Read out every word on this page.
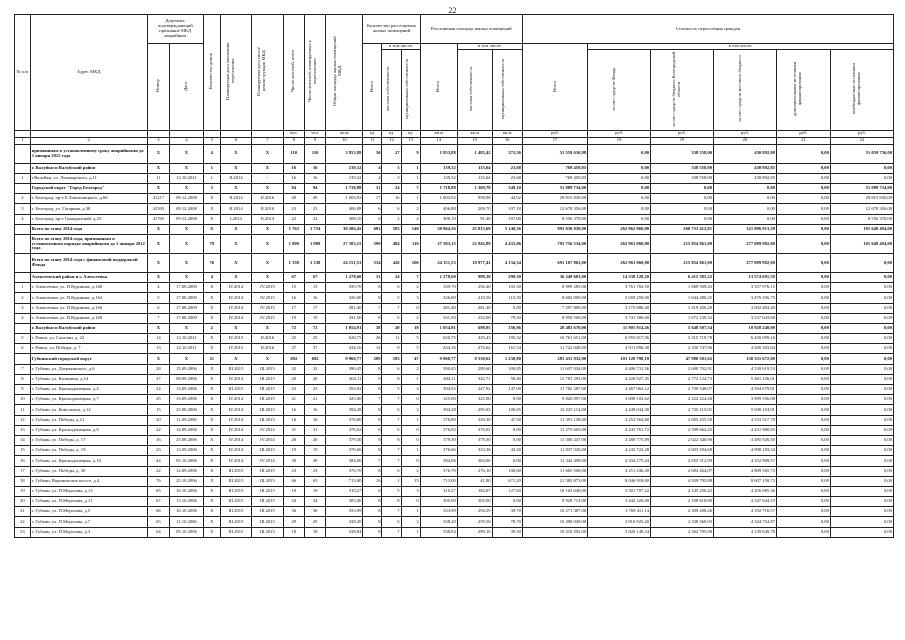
22
№ п/п	Адрес МКД	Документ, подтверждающий признание МКД аварийным		Количество домов	Планируемая дата окончания переселения	Планируемая дата сноса/реконструкции МКД	Число жителей, всего	Число жителей, планируемых к переселению	Общая площадь жилых помещений МКД	Количество расселяемых жилых помещений			Расселяемая площадь жилых помещений			Стоимость переселения граждан					
		Номер	Дата							Всего	в том числе:		Всего	в том числе:		Всего	в том числе:				
											частная собственность	муниципальная собственность		частная собственность	муниципальная собственность		за счет средств Фонда	за счет средств бюджета Белгородской области	за счет средств местного бюджета	дополнительные источники финансирования	внебюджетные источники финансирования
							чел.	чел.	кв.м	ед.	ед.	ед.	кв.м	кв.м	кв.м	руб.	руб.	руб.	руб.	руб.	руб.
1	2	3	4	5	6	7	8	9	10	11	12	13	14	15	16	17	18	19	20	21	22
	признанным к установленному сроку аварийными до 1 января 2012 года	X	X	4	X	X	110	110	3 853,88	36	27	9	1 853,88	1 485,42	372,56	51 559 636,98	0,00	338 558,00	430 892,98	0,00	51 059 736,00
	г. Валуйки и Валуйский район	X	X	1	X	X	16	16	139,32	4	3	1	139,32	115,64	23,68	769 450,85	0,00	338 558,00	430 892,85	0,00	0,00
1	г.Валуйки, ул. Луначарского, д.11	11	12.10.2011	1	II.2014	-	16	16	139,32	4	3	1	139,32	115,64	23,68	769 450,85	0,00	338 558,00	430 892,85	0,00	0,00
	Городской округ "Город Белгород"	X	X	3	X	X	94	94	1 718,88	31	24	7	1 718,88	1 369,78	349,10	51 089 734,00	0,00	0,00	0,00	0,00	51 089 734,00
2	г. Белгород, пр-т Б.Хмельницкого, д.66	41217	09.12.2008	X	II.2014	II.2016	49	49	1 003,92	17	16	1	1 003,92	958,98	44,92	29 815 830,00	0,00	0,00	0,00	0,00	29 815 830,00
3	г. Белгород, ул. Гагарина, д.38	41593	09.12.2008	X	II.2014	II.2016	23	23	406,88	6	6	2	406,88	209,70	197,18	12 678 356,00	0,00	0,00	0,00	0,00	12 678 356,00
4	г. Белгород, пр-т Гражданский, д.25	41765	09.12.2008	X	I.2014	II.2014	22	22	308,10	6	2	4	308,10	91,40	107,00	8 556 370,00	0,00	0,00	0,00	0,00	8 556 370,00
	Всего по этапу 2014 года	X	X	X	X	X	1 763	1 754	30 206,45	683	583	140	30 964,36	25 813,69	5 140,36	893 030 038,00	262 962 060,00	260 753 412,81	321 896 913,39	0,00	101 648 494,00
	Всего по этапу 2014 года, признанным в установленном порядке аварийными до 1 января 2012 года	X	X	79	X	X	1 809	1 809	27 303,15	599	484	110	27 303,15	22 942,89	4 433,06	793 756 534,00	262 963 060,00	215 854 861,00	277 089 982,00	0,00	101 648 494,00
	Всего по этапу 2014 года с финансовой поддержкой Фонда	X	X	76	X	X	1 338	1 338	24 151,53	534	426	106	24 151,53	19 977,41	4 134,34	691 107 863,00	262 963 060,00	215 854 861,00	277 089 982,00	0,00	0,00
	Алексеевский район и г. Алексеевка	X	X	4	X	X	67	67	1 278,60	31	24	7	1 278,60	988,30	290,30	36 249 603,00	14 538 128,20	6 415 385,22	13 574 691,58	0,00	0,00
1	г. Алексеевка, ул. П.Кудинова, д.160	4	17.08.2009	X	IV.2014	IV.2015	15	15	339,70	8	6	2	339,70	256,40	103,30	8 999 285,00	3 761 702,50	1 689 509,45	3 557 976,15	0,00	0,00
2	г. Алексеевка, ул. П.Кудинова, д.164	5	17.08.2009	X	IV.2014	IV.2015	16	16	326,00	8	5	3	326,00	210,50	115,50	8 602 000,00	3 659 250,00	1 644 480,25	3 476 356,75	0,00	0,00
3	г. Алексеевка, ул. П.Кудинова, д.166	6	17.08.2009	X	IV.2014	IV.2015	17	17	281,40	7	7	0	281,40	281,40	0,00	7 597 800,00	3 175 880,40	1 419 456,20	3 002 463,40	0,00	0,00
4	г. Алексеевка, ул. П.Кудинова, д.168	7	17.08.2009	X	IV.2014	IV.2015	19	19	331,50	8	6	2	331,50	252,00	79,50	8 950 500,00	3 741 306,00	1 672 139,32	3 537 043,68	0,00	0,00
	г. Валуйки и Валуйский район	X	X	2	X	X	72	72	1 054,91	38	20	18	1 054,91	698,05	356,86	28 483 670,00	11 905 914,26	5 648 507,54	10 928 248,00	0,00	0,00
5	г. Ровно, ул. Сахалин, д. 22	14	12.10.2011	X	IV.2015	II.2016	25	25	620,75	26	11	5	620,75	425,43	195,32	16 761 651,00	6 955 817,96	3 315 719,78	6 430 099,16	0,00	0,00
6	г. Ровно, ул. Победы, д. 7	13	12.10.2011	X	IV.2015	II.2016	37	37	434,16	14	9	5	434,16	272,62	161,54	11 722 048,00	4 911 896,30	2 330 747,96	4 500 303,84	0,00	0,00
	Губкинский городской округ	X	X	21	X	X	692	692	9 960,77	289	183	47	9 960,77	8 530,62	1 230,80	281 431 932,00	101 120 798,18	47 986 501,62	130 331 672,00	0,00	0,00
7	г. Губкин, ул. Дзержинского, д.6	28	15.09.2006	X	III.2015	III.2015	32	32	390,45	8	6	2	390,45	289,60	100,85	11 637 034,00	4 406 731,56	2 690 702,91	4 539 619,53	0,00	0,00
8	г. Губкин, ул. Калинина, д.14	27	08.09.2006	X	IV.2014	III.2015	20	20	404,11	9	8	1	404,11	342,71	58,40	12 781 293,00	4 226 927,45	2 772 124,73	5 481 126,01	0,00	0,00
9	г. Губкин, ул. Краснодонецкая, д.4	24	13.09.2006	X	III.2015	III.2015	23	23	394,92	8	5	3	394,92	247,92	147,00	11 782 287,00	4 467 063,12	2 730 540,07	4 594 679,81	0,00	0,00
10	г. Губкин, ул. Краснодонецкая, д.7	25	13.09.2006	X	IV.2014	III.2015	21	21	325,00	7	7	0	325,00	325,00	0,00	9 820 097,00	3 698 102,62	2 222 224,26	3 899 556,08	0,00	0,00
11	г. Губкин, ул. Комсомола, д.12	15	25.08.2006	X	IV.2014	III.2015	16	16	394,28	8	6	2	394,28	295,63	100,65	12 225 114,00	4 449 044,30	2 736 115,01	5 040 154,91	0,00	0,00
12	г. Губкин, ул. Победы, д.21	20	11.09.2006	X	IV.2014	III.2015	16	16	376,80	8	7	1	376,80	329,30	47,50	11 391 138,00	4 252 564,80	2 605 255,50	4 533 317,70	0,00	0,00
13	г. Губкин, ул. Краснодонецкая, д.9	22	14.09.2006	X	IV.2014	IV.2014	31	31	376,02	6	6	0	376,02	376,02	0,00	11 275 605,00	4 243 761,72	2 599 662,45	4 431 980,83	0,00	0,00
14	г. Губкин, ул. Победы, д. 17	16	25.08.2006	X	IV.2014	IV.2014	26	26	379,30	8	8	0	379,30	379,30	0,00	11 300 247,00	4 280 775,89	2 622 340,96	4 485 926,50	0,00	0,00
15	г. Губкин, ул. Победы, д. 19	23	13.09.2006	X	IV.2014	III.2015	19	19	376,66	8	7	1	376,66	333,36	43,30	11 837 026,00	4 243 722,28	2 603 594,68	4 998 183,34	0,00	0,00
16	г. Губкин, ул. Краснодонецкая, д.10	44	05.10.2006	X	IV.2014	IV.2014	30	30	384,06	7	7	0	384,06	384,06	0,00	11 342 498,00	4 334 275,44	2 655 312,99	4 352 909,57	0,00	0,00
17	г. Губкин, ул. Победы, д. 30	22	12.09.2006	X	III.2015	III.2015	23	23	376,70	8	6	2	376,70	276,10	100,60	11 665 508,00	4 251 436,20	2 604 264,07	4 809 565,73	0,00	0,00
18	г. Губкин, Воронежское шоссе, д.4	76	25.10.2006	X	III.2015	III.2015	66	65	713,00	16	1	15	713,00	41,80	671,20	21 583 873,00	8 046 918,00	4 929 795,88	8 607 158,72	0,00	0,00
19	г. Губкин, ул. П.Морозова, д.13	65	16.10.2006	X	III.2015	III.2015	19	19	310,27	6	5	3	310,27	182,67	127,60	10 103 649,00	3 501 707,22	2 145 256,42	4 456 685,36	0,00	0,00
20	г. Губкин, ул. П.Морозова, д.11	67	13.10.2006	X	III.2015	III.2015	34	34	305,00	8	8	0	305,00	305,00	0,00	9 928 713,00	3 442 320,00	2 108 818,80	4 347 644,19	0,00	0,00
21	г. Губкин, ул. П.Морозова, д.5	66	16.10.2006	X	III.2015	III.2015	36	36	333,99	8	7	1	333,99	294,29	39,70	10 271 387,00	3 769 411,14	2 309 208,26	4 192 716,57	0,00	0,00
22	г. Губкин, ул. П.Морозова, д.7	65	11.10.2006	X	III.2015	III.2015	29	29	338,20	8	6	2	338,20	259,50	78,70	10 490 049,00	3 816 925,20	2 338 368,93	4 344 754,87	0,00	0,00
23	г. Губкин, ул. П.Морозова, д.3	64	05.10.2006	X	III.2015	III.2015	18	18	338,84	8	7	1	338,84	299,16	39,50	10 316 592,00	3 826 148,24	2 362 795,98	4 149 649,78	0,00	0,00
